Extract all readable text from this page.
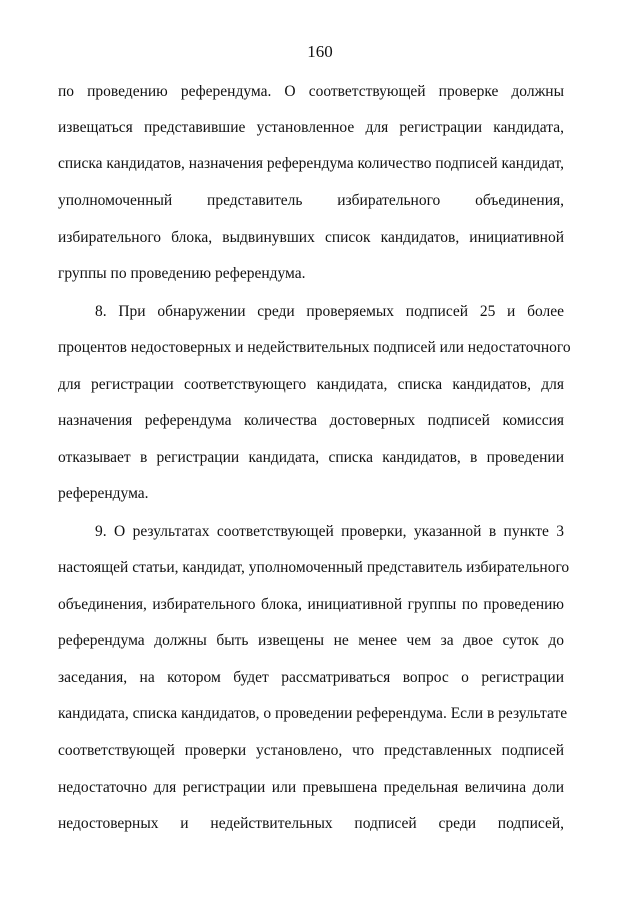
160
по проведению референдума. О соответствующей проверке должны
извещаться представившие установленное для регистрации кандидата,
списка кандидатов, назначения референдума количество подписей кандидат,
уполномоченный представитель избирательного объединения,
избирательного блока, выдвинувших список кандидатов, инициативной
группы по проведению референдума.
8. При обнаружении среди проверяемых подписей 25 и более
процентов недостоверных и недействительных подписей или недостаточного
для регистрации соответствующего кандидата, списка кандидатов, для
назначения референдума количества достоверных подписей комиссия
отказывает в регистрации кандидата, списка кандидатов, в проведении
референдума.
9. О результатах соответствующей проверки, указанной в пункте 3
настоящей статьи, кандидат, уполномоченный представитель избирательного
объединения, избирательного блока, инициативной группы по проведению
референдума должны быть извещены не менее чем за двое суток до
заседания, на котором будет рассматриваться вопрос о регистрации
кандидата, списка кандидатов, о проведении референдума. Если в результате
соответствующей проверки установлено, что представленных подписей
недостаточно для регистрации или превышена предельная величина доли
недостоверных и недействительных подписей среди подписей,
